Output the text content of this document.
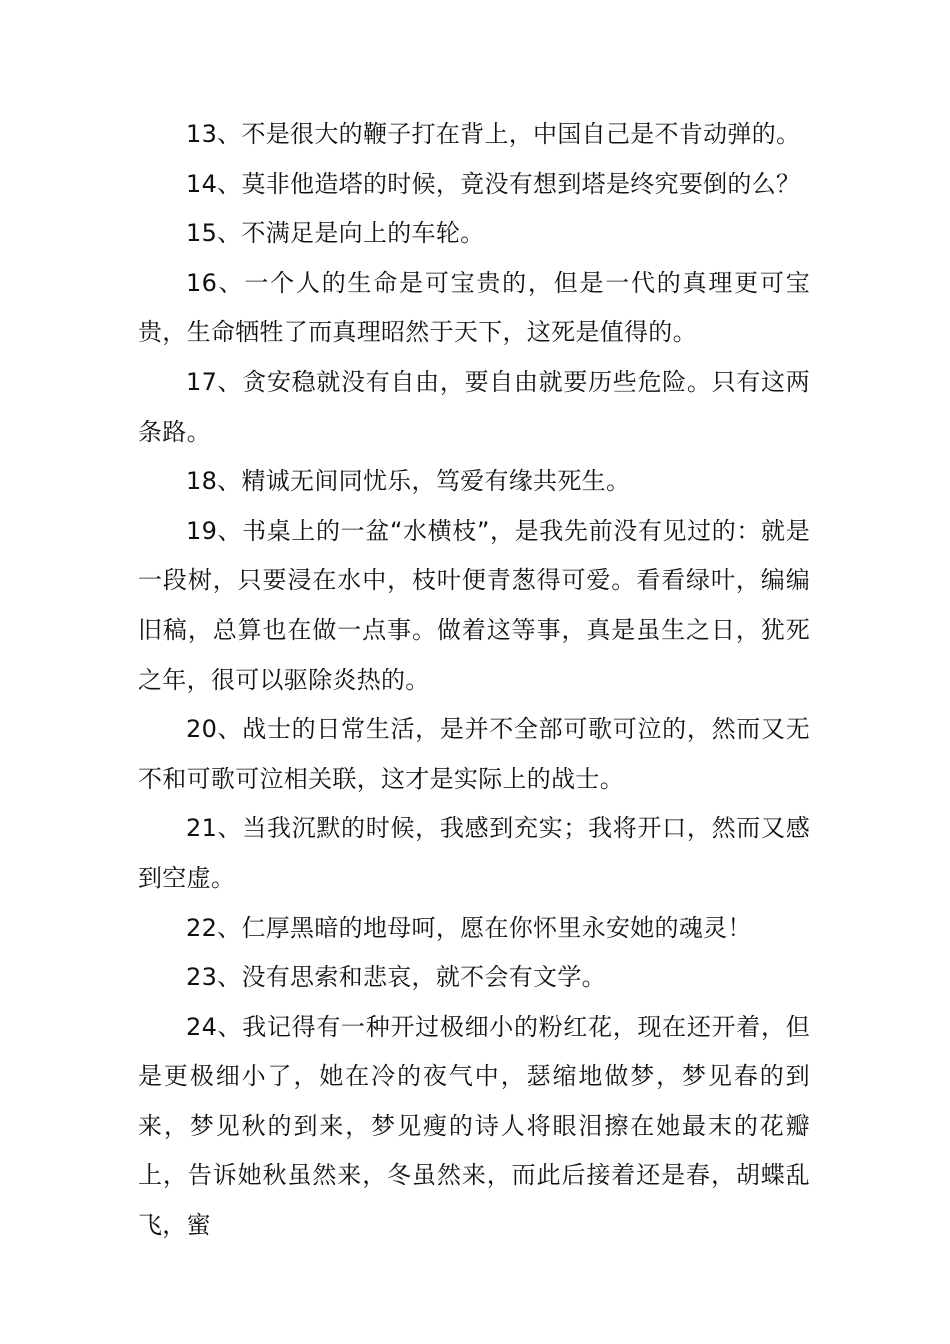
13、不是很大的鞭子打在背上，中国自己是不肯动弹的。

14、莫非他造塔的时候，竟没有想到塔是终究要倒的么？

15、不满足是向上的车轮。

16、一个人的生命是可宝贵的，但是一代的真理更可宝贵，生命牺牲了而真理昭然于天下，这死是值得的。

17、贪安稳就没有自由，要自由就要历些危险。只有这两条路。

18、精诚无间同忧乐，笃爱有缘共死生。

19、书桌上的一盆“水横枝”，是我先前没有见过的：就是一段树，只要浸在水中，枝叶便青葱得可爱。看看绿叶，编编旧稿，总算也在做一点事。做着这等事，真是虽生之日，犹死之年，很可以驱除炎热的。

20、战士的日常生活，是并不全部可歌可泣的，然而又无不和可歌可泣相关联，这才是实际上的战士。

21、当我沉默的时候，我感到充实；我将开口，然而又感到空虚。

22、仁厚黑暗的地母呵，愿在你怀里永安她的魂灵！

23、没有思索和悲哀，就不会有文学。

24、我记得有一种开过极细小的粉红花，现在还开着，但是更极细小了，她在冷的夜气中，瑟缩地做梦，梦见春的到来，梦见秋的到来，梦见瘦的诗人将眼泪擦在她最末的花瓣上，告诉她秋虽然来，冬虽然来，而此后接着还是春，胡蝶乱飞，蜜
